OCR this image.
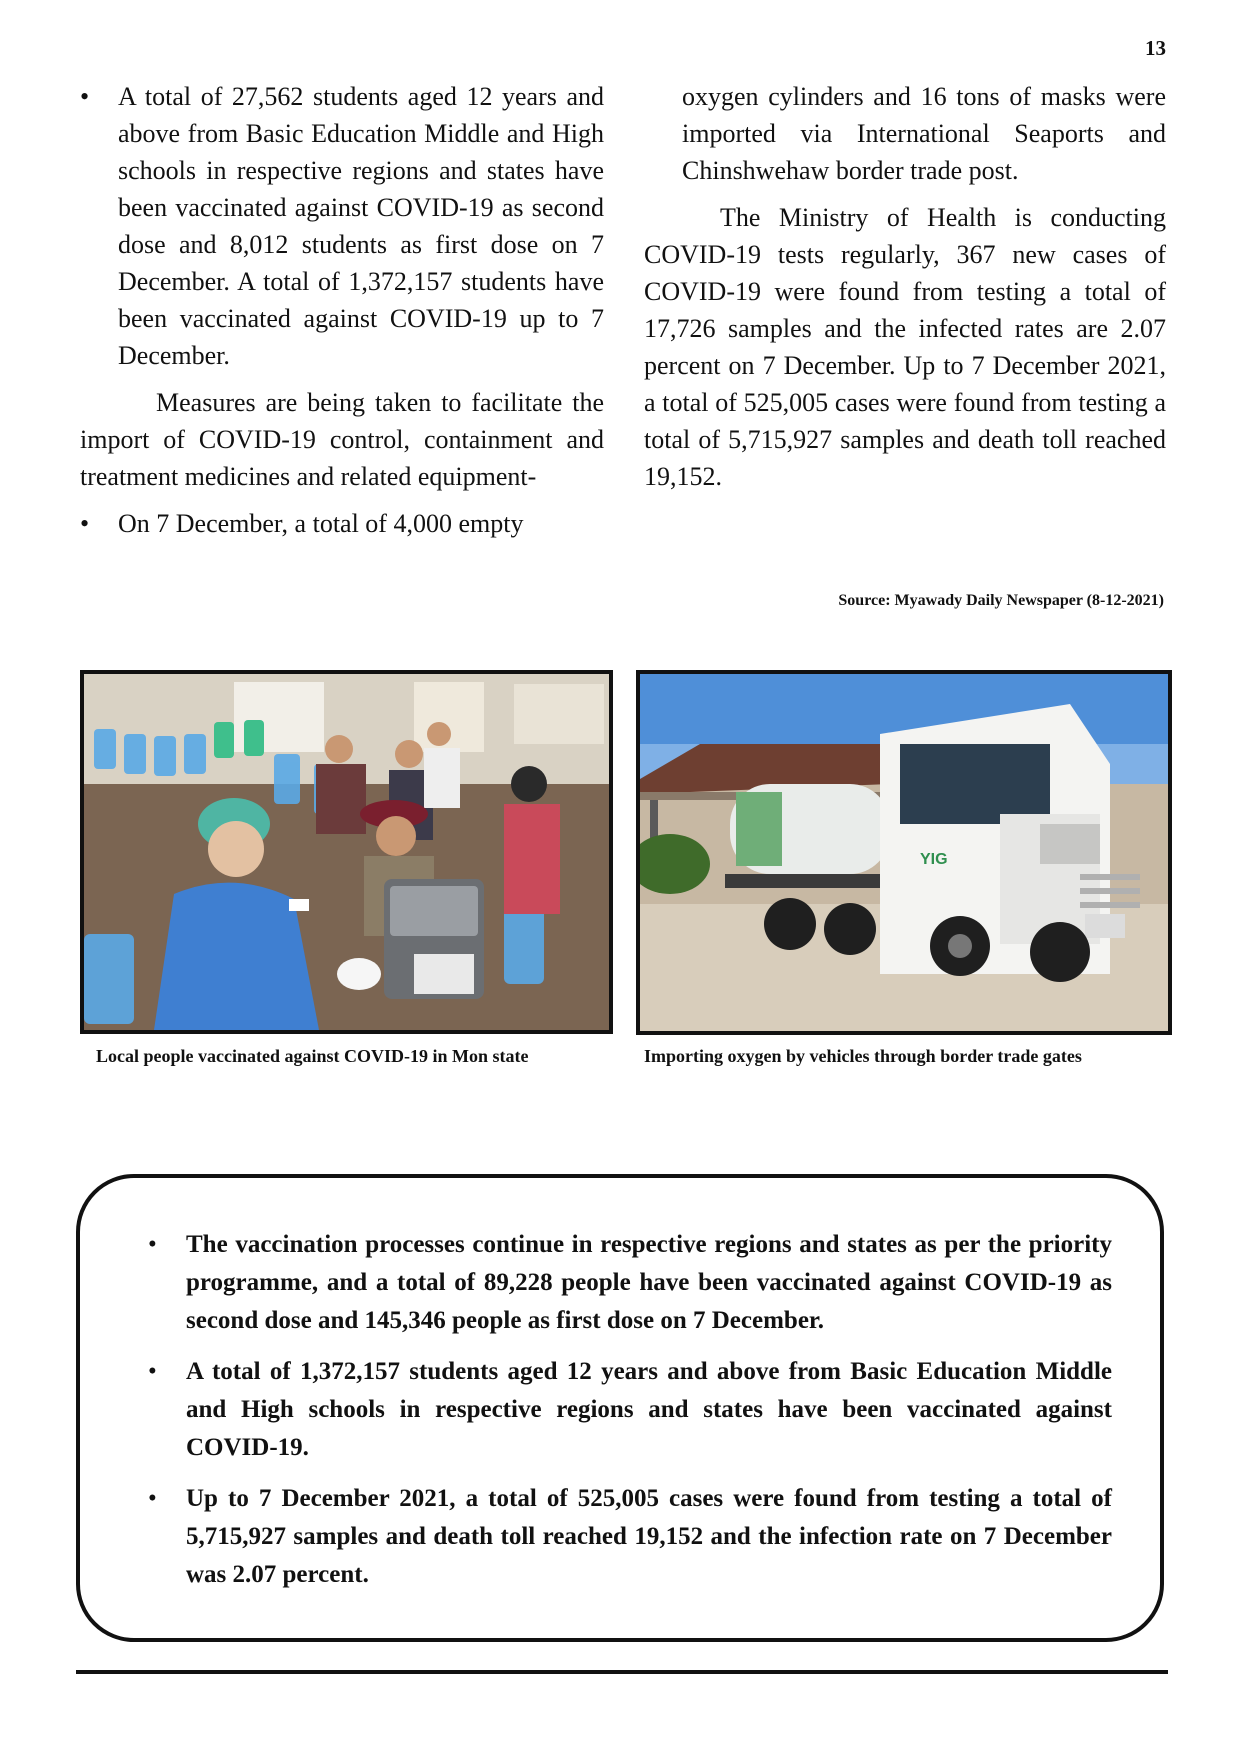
13

• A total of 27,562 students aged 12 years and above from Basic Education Middle and High schools in respective regions and states have been vaccinated against COVID-19 as second dose and 8,012 students as first dose on 7 December. A total of 1,372,157 students have been vaccinated against COVID-19 up to 7 December.

Measures are being taken to facilitate the import of COVID-19 control, containment and treatment medicines and related equipment-

• On 7 December, a total of 4,000 empty

oxygen cylinders and 16 tons of masks were imported via International Seaports and Chinshwehaw border trade post.

The Ministry of Health is conducting COVID-19 tests regularly, 367 new cases of COVID-19 were found from testing a total of 17,726 samples and the infected rates are 2.07 percent on 7 December. Up to 7 December 2021, a total of 525,005 cases were found from testing a total of 5,715,927 samples and death toll reached 19,152.

Source: Myawady Daily Newspaper (8-12-2021)
Local people vaccinated against COVID-19 in Mon state
YIG
Importing oxygen by vehicles through border trade gates
• The vaccination processes continue in respective regions and states as per the priority programme, and a total of 89,228 people have been vaccinated against COVID-19 as second dose and 145,346 people as first dose on 7 December.
• A total of 1,372,157 students aged 12 years and above from Basic Education Middle and High schools in respective regions and states have been vaccinated against COVID-19.
• Up to 7 December 2021, a total of 525,005 cases were found from testing a total of 5,715,927 samples and death toll reached 19,152 and the infection rate on 7 December was 2.07 percent.
